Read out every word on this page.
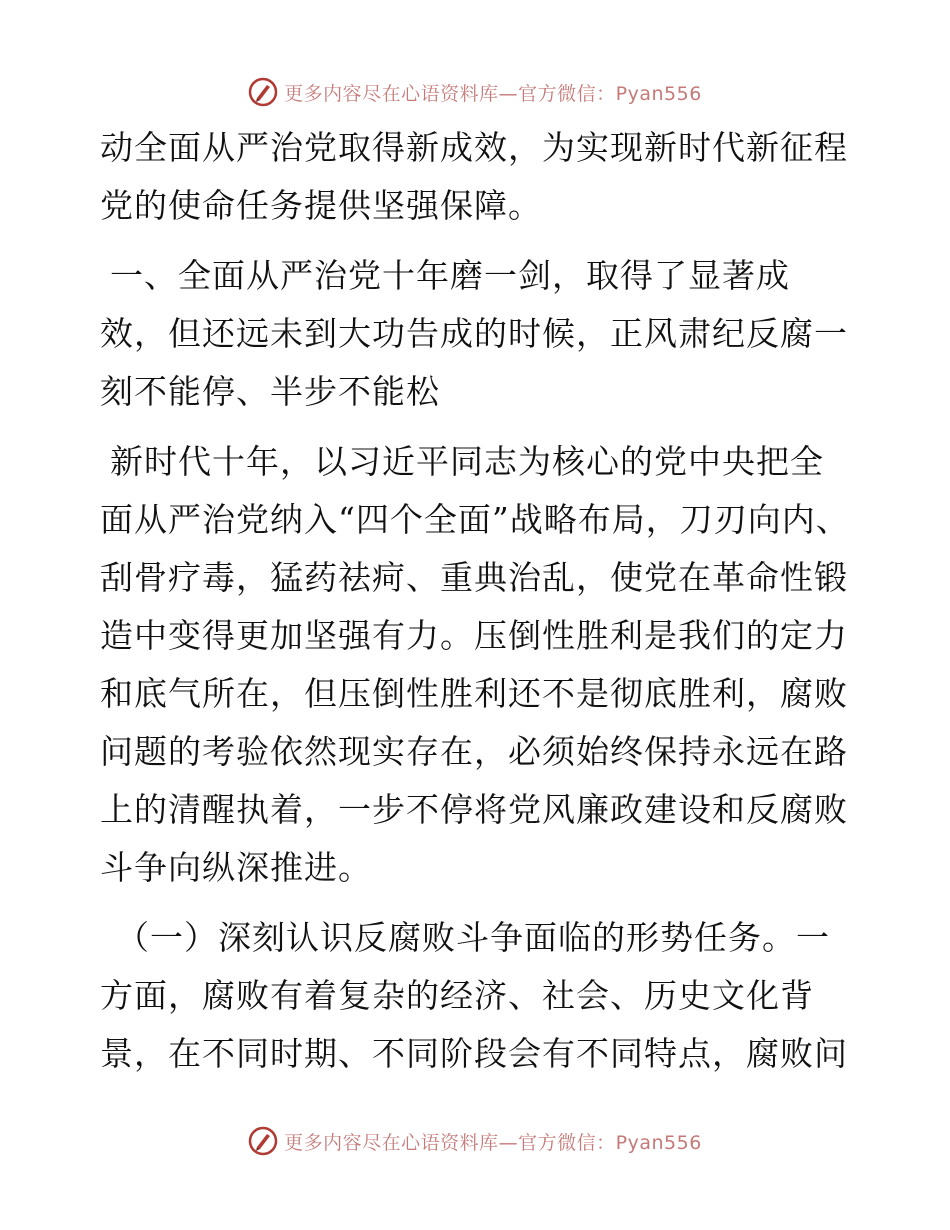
更多内容尽在心语资料库—官方微信：Pyan556

动全面从严治党取得新成效，为实现新时代新征程党的使命任务提供坚强保障。

一、全面从严治党十年磨一剑，取得了显著成效，但还远未到大功告成的时候，正风肃纪反腐一刻不能停、半步不能松

新时代十年，以习近平同志为核心的党中央把全面从严治党纳入“四个全面”战略布局，刀刃向内、刮骨疗毒，猛药祛疴、重典治乱，使党在革命性锻造中变得更加坚强有力。压倒性胜利是我们的定力和底气所在，但压倒性胜利还不是彻底胜利，腐败问题的考验依然现实存在，必须始终保持永远在路上的清醒执着，一步不停将党风廉政建设和反腐败斗争向纵深推进。

（一）深刻认识反腐败斗争面临的形势任务。一方面，腐败有着复杂的经济、社会、历史文化背景，在不同时期、不同阶段会有不同特点，腐败问

更多内容尽在心语资料库—官方微信：Pyan556
